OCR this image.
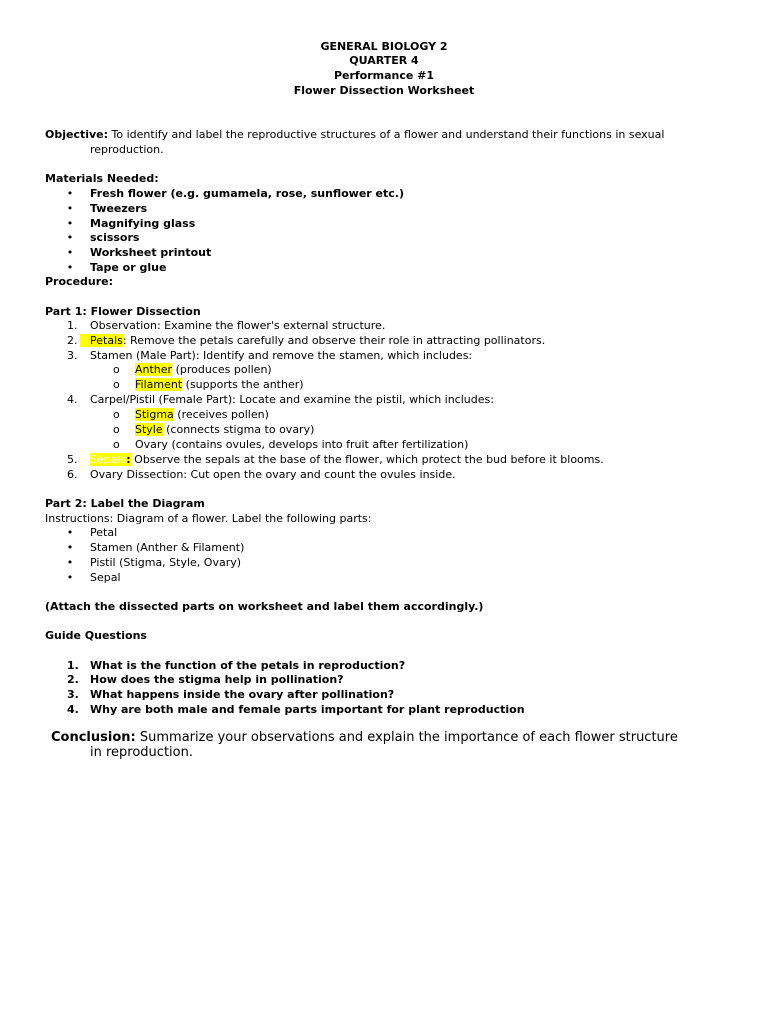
GENERAL BIOLOGY 2
QUARTER 4
Performance #1
Flower Dissection Worksheet
Objective: To identify and label the reproductive structures of a flower and understand their functions in sexual
reproduction.
Materials Needed:
• Fresh flower (e.g. gumamela, rose, sunflower etc.)
• Tweezers
• Magnifying glass
• scissors
• Worksheet printout
• Tape or glue
Procedure:
Part 1: Flower Dissection
1. Observation: Examine the flower's external structure.
2.	Petals: Remove the petals carefully and observe their role in attracting pollinators.
3. Stamen (Male Part): Identify and remove the stamen, which includes:
o Anther (produces pollen)
o Filament (supports the anther)
4. Carpel/Pistil (Female Part): Locate and examine the pistil, which includes:
o Stigma (receives pollen)
o Style (connects stigma to ovary)
o Ovary (contains ovules, develops into fruit after fertilization)
5. Sepals: Observe the sepals at the base of the flower, which protect the bud before it blooms.
6. Ovary Dissection: Cut open the ovary and count the ovules inside.
Part 2: Label the Diagram
Instructions: Diagram of a flower. Label the following parts:
• Petal
• Stamen (Anther & Filament)
• Pistil (Stigma, Style, Ovary)
• Sepal
(Attach the dissected parts on worksheet and label them accordingly.)
Guide Questions
1. What is the function of the petals in reproduction?
2. How does the stigma help in pollination?
3. What happens inside the ovary after pollination?
4. Why are both male and female parts important for plant reproduction
Conclusion: Summarize your observations and explain the importance of each flower structure
in reproduction.
